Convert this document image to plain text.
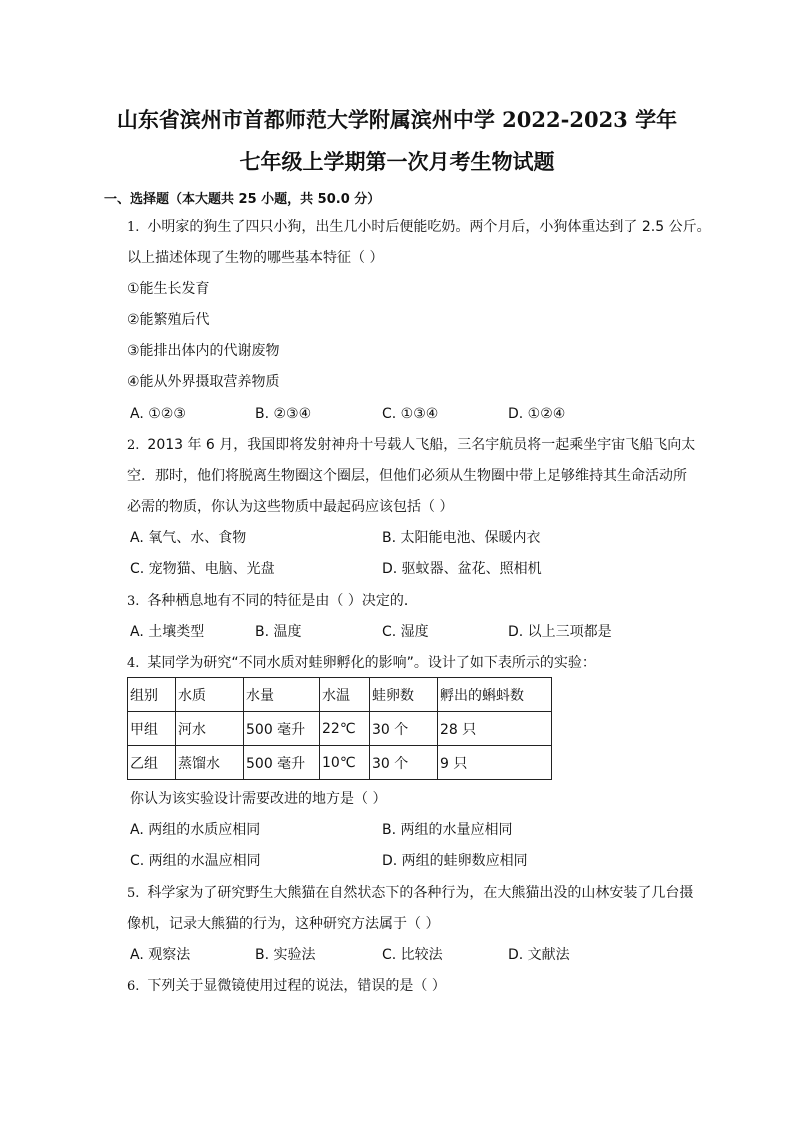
山东省滨州市首都师范大学附属滨州中学 2022-2023 学年
七年级上学期第一次月考生物试题
一、选择题（本大题共 25 小题，共 50.0 分）
1. 小明家的狗生了四只小狗，出生几小时后便能吃奶。两个月后，小狗体重达到了 2.5 公斤。
以上描述体现了生物的哪些基本特征（ ）
①能生长发育
②能繁殖后代
③能排出体内的代谢废物
④能从外界摄取营养物质
A. ①②③	B. ②③④	C. ①③④	D. ①②④
2. 2013 年 6 月，我国即将发射神舟十号载人飞船，三名宇航员将一起乘坐宇宙飞船飞向太
空．那时，他们将脱离生物圈这个圈层，但他们必须从生物圈中带上足够维持其生命活动所
必需的物质，你认为这些物质中最起码应该包括（ ）
A. 氧气、水、食物	B. 太阳能电池、保暖内衣
C. 宠物猫、电脑、光盘	D. 驱蚊器、盆花、照相机
3. 各种栖息地有不同的特征是由（ ）决定的．
A. 土壤类型	B. 温度	C. 湿度	D. 以上三项都是
4. 某同学为研究“不同水质对蛙卵孵化的影响”。设计了如下表所示的实验：
组别	水质	水量	水温	蛙卵数	孵出的蝌蚪数
甲组	河水	500 毫升	22℃	30 个	28 只
乙组	蒸馏水	500 毫升	10℃	30 个	9 只
你认为该实验设计需要改进的地方是（ ）
A. 两组的水质应相同	B. 两组的水量应相同
C. 两组的水温应相同	D. 两组的蛙卵数应相同
5. 科学家为了研究野生大熊猫在自然状态下的各种行为，在大熊猫出没的山林安装了几台摄
像机，记录大熊猫的行为，这种研究方法属于（ ）
A. 观察法	B. 实验法	C. 比较法	D. 文献法
6. 下列关于显微镜使用过程的说法，错误的是（ ）
